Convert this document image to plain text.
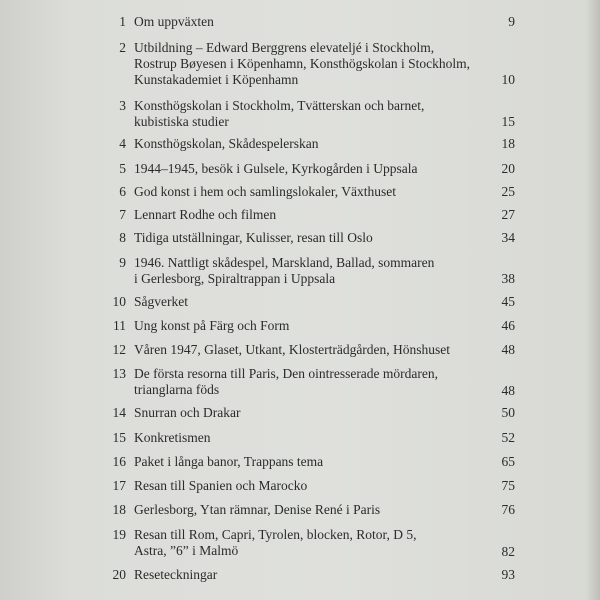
1 Om uppväxten	9
2 Utbildning – Edward Berggrens elevateljé i Stockholm,
Rostrup Bøyesen i Köpenhamn, Konsthögskolan i Stockholm,
Kunstakademiet i Köpenhamn	10
3 Konsthögskolan i Stockholm, Tvätterskan och barnet,
kubistiska studier	15
4 Konsthögskolan, Skådespelerskan	18
5 1944–1945, besök i Gulsele, Kyrkogården i Uppsala	20
6 God konst i hem och samlingslokaler, Växthuset	25
7 Lennart Rodhe och filmen	27
8 Tidiga utställningar, Kulisser, resan till Oslo	34
9 1946. Nattligt skådespel, Marskland, Ballad, sommaren
i Gerlesborg, Spiraltrappan i Uppsala	38
10 Sågverket	45
11 Ung konst på Färg och Form	46
12 Våren 1947, Glaset, Utkant, Klosterträdgården, Hönshuset	48
13 De första resorna till Paris, Den ointresserade mördaren,
trianglarna föds	48
14 Snurran och Drakar	50
15 Konkretismen	52
16 Paket i långa banor, Trappans tema	65
17 Resan till Spanien och Marocko	75
18 Gerlesborg, Ytan rämnar, Denise René i Paris	76
19 Resan till Rom, Capri, Tyrolen, blocken, Rotor, D 5,
Astra, ”6” i Malmö	82
20 Reseteckningar	93
